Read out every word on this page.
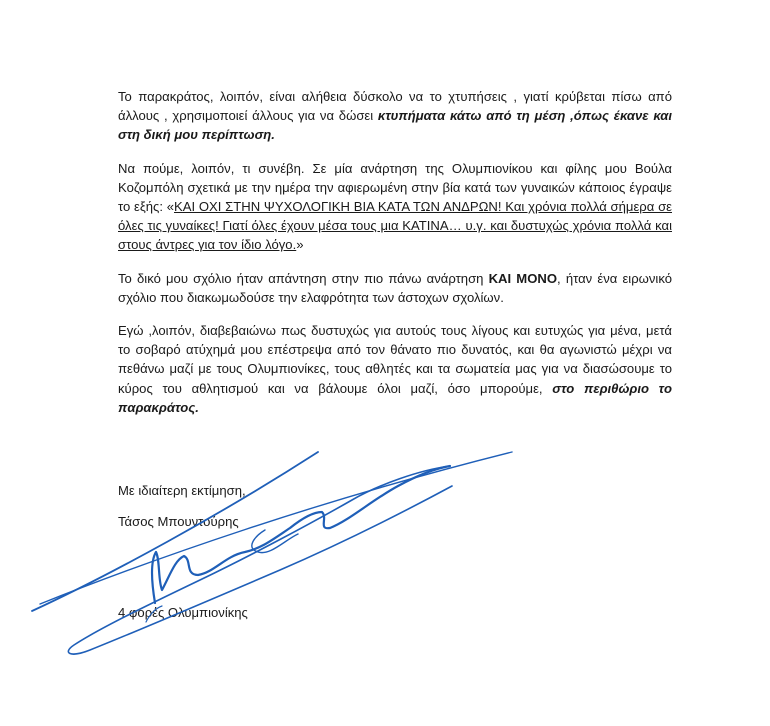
Το παρακράτος, λοιπόν, είναι αλήθεια δύσκολο να το χτυπήσεις , γιατί κρύβεται πίσω από άλλους , χρησιμοποιεί άλλους για να δώσει κτυπήματα κάτω από τη μέση ,όπως έκανε και στη δική μου περίπτωση.

Να πούμε, λοιπόν, τι συνέβη. Σε μία ανάρτηση της Ολυμπιονίκου και φίλης μου Βούλα Κοζομπόλη σχετικά με την ημέρα την αφιερωμένη στην βία κατά των γυναικών κάποιος έγραψε το εξής: «ΚΑΙ ΟΧΙ ΣΤΗΝ ΨΥΧΟΛΟΓΙΚΗ ΒΙΑ ΚΑΤΑ ΤΩΝ ΑΝΔΡΩΝ! Και χρόνια πολλά σήμερα σε όλες τις γυναίκες! Γιατί όλες έχουν μέσα τους μια ΚΑΤΙΝΑ… υ.γ. και δυστυχώς χρόνια πολλά και στους άντρες για τον ίδιο λόγο.»

Το δικό μου σχόλιο ήταν απάντηση στην πιο πάνω ανάρτηση ΚΑΙ ΜΟΝΟ, ήταν ένα ειρωνικό σχόλιο που διακωμωδούσε την ελαφρότητα των άστοχων σχολίων.

Εγώ ,λοιπόν, διαβεβαιώνω πως δυστυχώς για αυτούς τους λίγους και ευτυχώς για μένα, μετά το σοβαρό ατύχημά μου επέστρεψα από τον θάνατο πιο δυνατός, και θα αγωνιστώ μέχρι να πεθάνω μαζί με τους Ολυμπιονίκες, τους αθλητές και τα σωματεία μας για να διασώσουμε το κύρος του αθλητισμού και να βάλουμε όλοι μαζί, όσο μπορούμε, στο περιθώριο το παρακράτος.

Με ιδιαίτερη εκτίμηση,
Τάσος Μπουντούρης
4 φορές Ολυμπιονίκης
